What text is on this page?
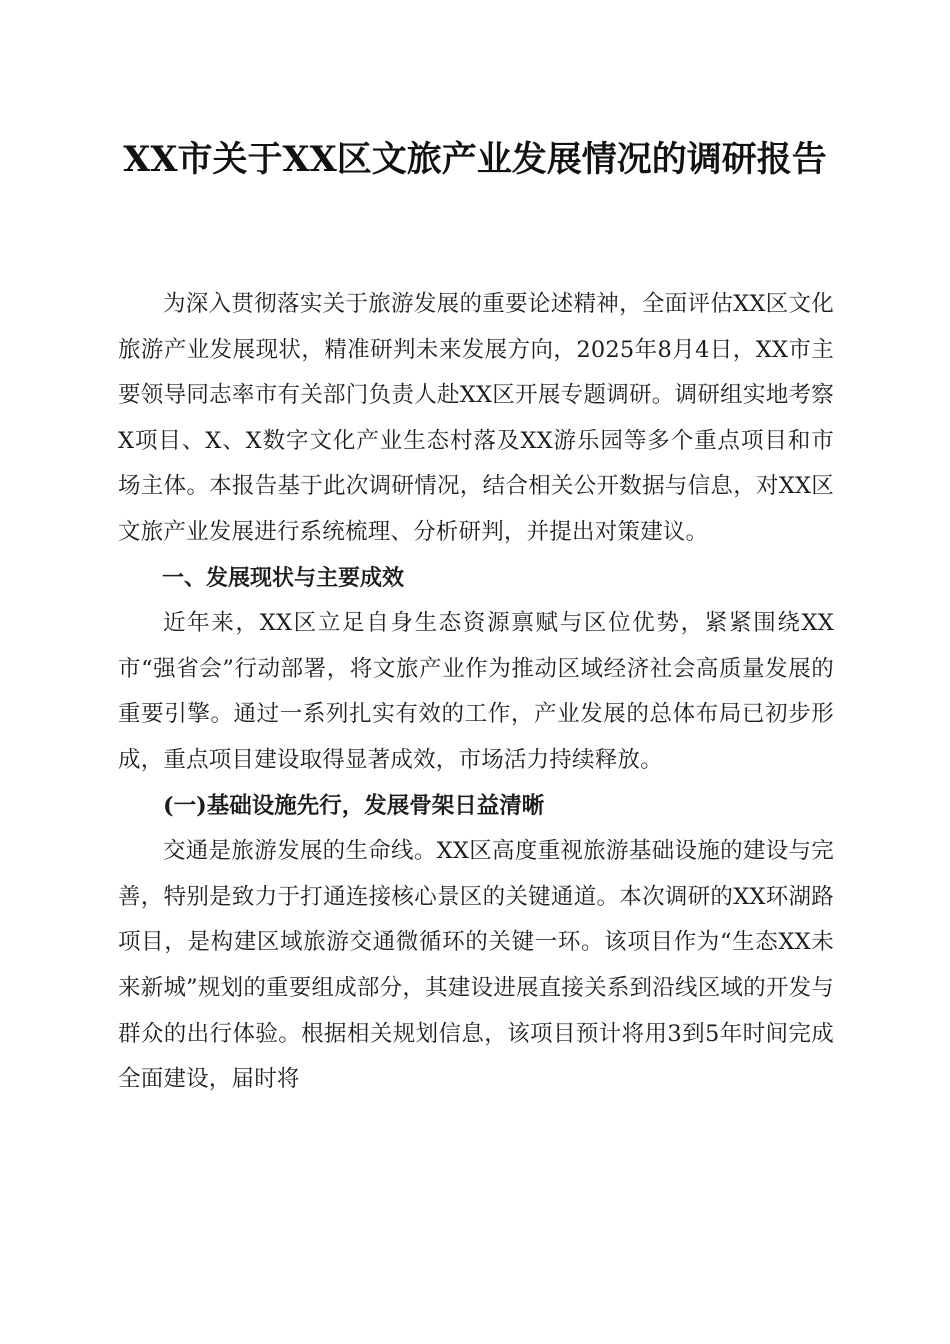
XX市关于XX区文旅产业发展情况的调研报告

为深入贯彻落实关于旅游发展的重要论述精神，全面评估XX区文化旅游产业发展现状，精准研判未来发展方向，2025年8月4日，XX市主要领导同志率市有关部门负责人赴XX区开展专题调研。调研组实地考察X项目、X、X数字文化产业生态村落及XX游乐园等多个重点项目和市场主体。本报告基于此次调研情况，结合相关公开数据与信息，对XX区文旅产业发展进行系统梳理、分析研判，并提出对策建议。

一、发展现状与主要成效

近年来，XX区立足自身生态资源禀赋与区位优势，紧紧围绕XX市“强省会”行动部署，将文旅产业作为推动区域经济社会高质量发展的重要引擎。通过一系列扎实有效的工作，产业发展的总体布局已初步形成，重点项目建设取得显著成效，市场活力持续释放。

(一)基础设施先行，发展骨架日益清晰

交通是旅游发展的生命线。XX区高度重视旅游基础设施的建设与完善，特别是致力于打通连接核心景区的关键通道。本次调研的XX环湖路项目，是构建区域旅游交通微循环的关键一环。该项目作为“生态XX未来新城”规划的重要组成部分，其建设进展直接关系到沿线区域的开发与群众的出行体验。根据相关规划信息，该项目预计将用3到5年时间完成全面建设，届时将
